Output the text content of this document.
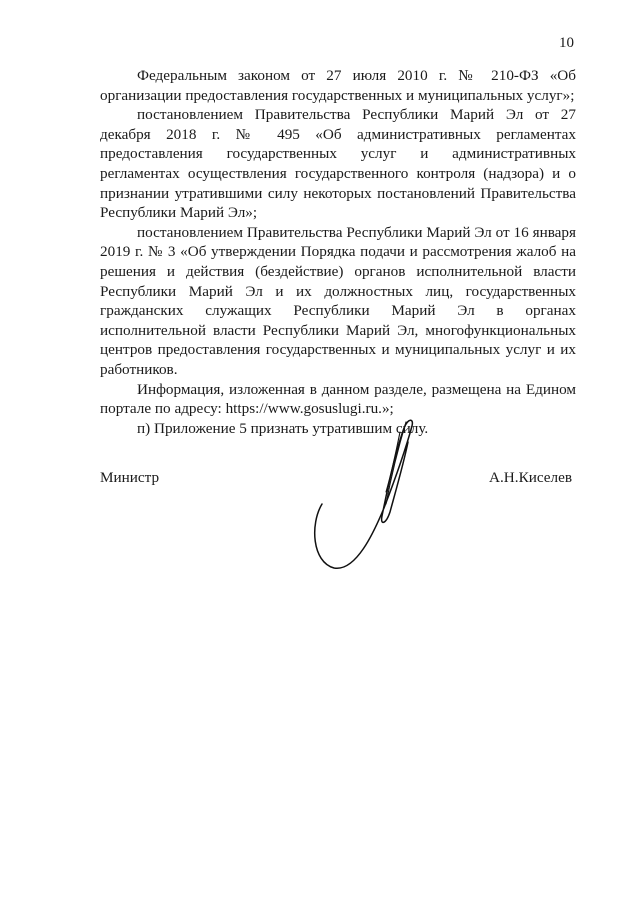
10

Федеральным законом от 27 июля 2010 г. № 210-ФЗ «Об организации предоставления государственных и муниципальных услуг»;

постановлением Правительства Республики Марий Эл от 27 декабря 2018 г. № 495 «Об административных регламентах предоставления государственных услуг и административных регламентах осуществления государственного контроля (надзора) и о признании утратившими силу некоторых постановлений Правительства Республики Марий Эл»;

постановлением Правительства Республики Марий Эл от 16 января 2019 г. № 3 «Об утверждении Порядка подачи и рассмотрения жалоб на решения и действия (бездействие) органов исполнительной власти Республики Марий Эл и их должностных лиц, государственных гражданских служащих Республики Марий Эл в органах исполнительной власти Республики Марий Эл, многофункциональных центров предоставления государственных и муниципальных услуг и их работников.

Информация, изложенная в данном разделе, размещена на Едином портале по адресу: https://www.gosuslugi.ru.»;

п) Приложение 5 признать утратившим силу.

Министр	А.Н.Киселев
